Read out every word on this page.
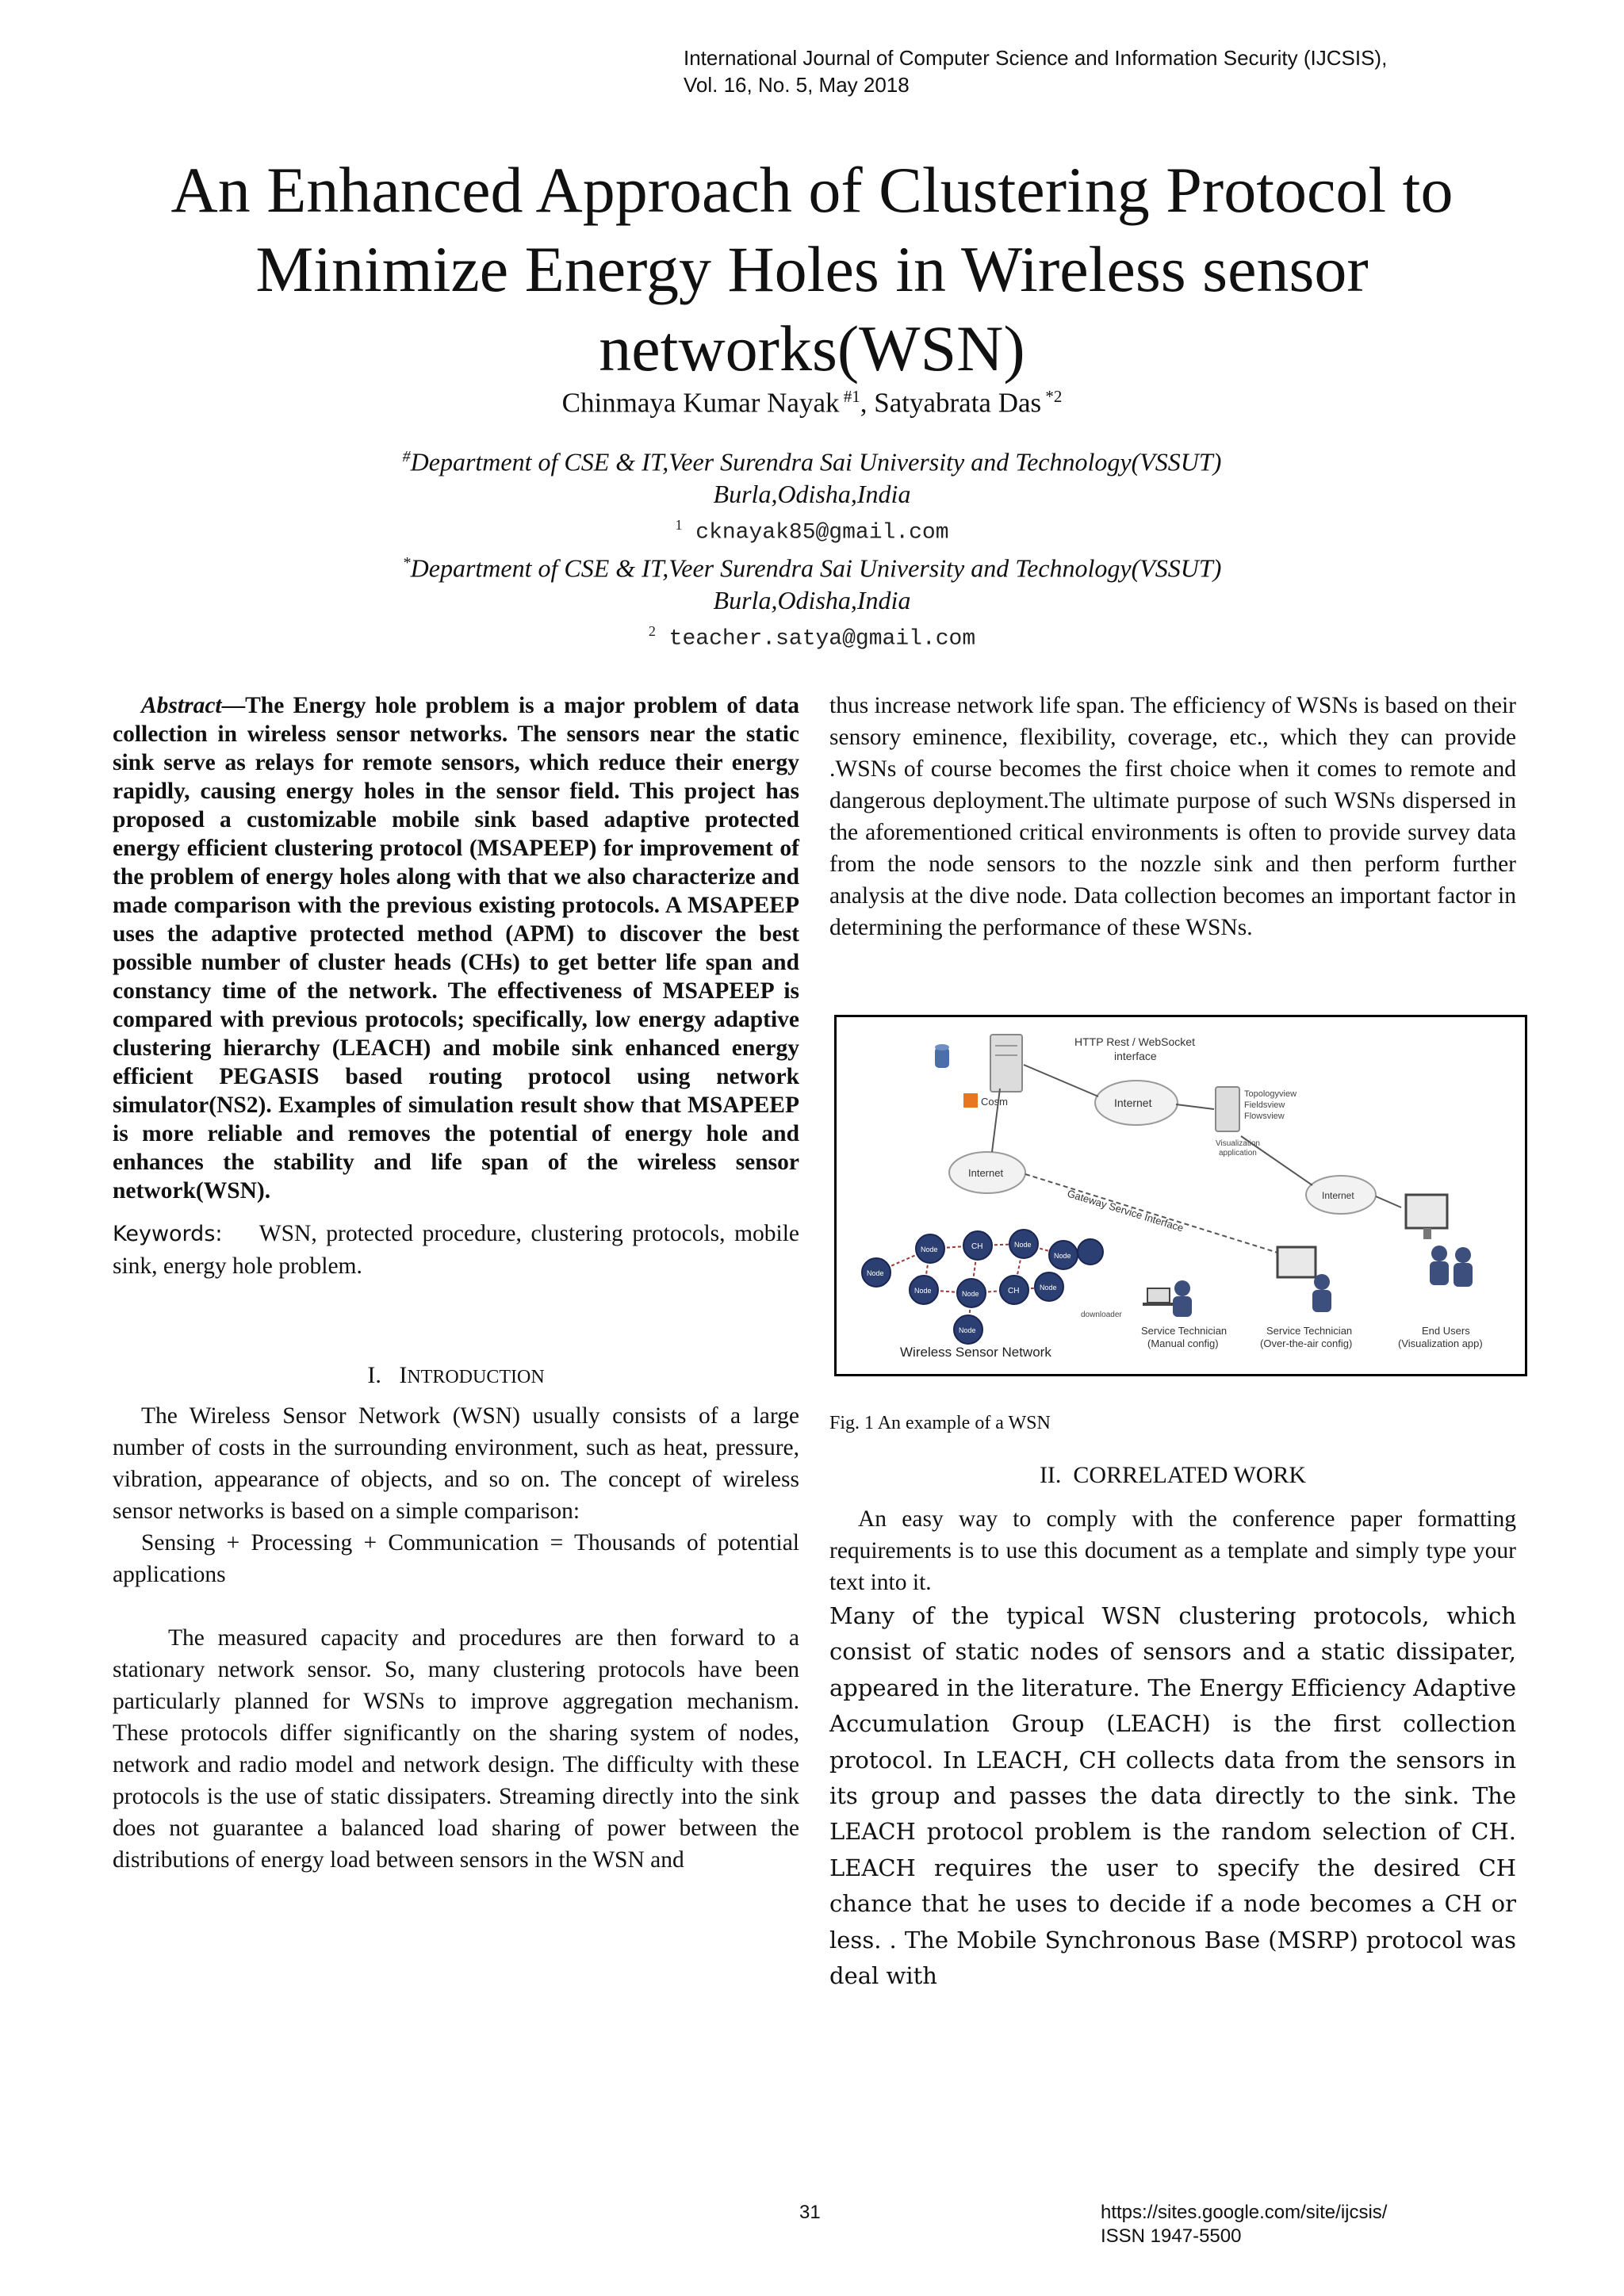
International Journal of Computer Science and Information Security (IJCSIS),
Vol. 16, No. 5, May 2018
An Enhanced Approach of Clustering Protocol to
Minimize Energy Holes in Wireless sensor
networks(WSN)
Chinmaya Kumar Nayak $^{\#1}$, Satyabrata Das $^{*2}$
#Department of CSE & IT,Veer Surendra Sai University and Technology(VSSUT)
Burla,Odisha,India
$^1$ cknayak85@gmail.com
*Department of CSE & IT,Veer Surendra Sai University and Technology(VSSUT)
Burla,Odisha,India
$^2$ teacher.satya@gmail.com

Abstract—The Energy hole problem is a major problem of data collection in wireless sensor networks. The sensors near the static sink serve as relays for remote sensors, which reduce their energy rapidly, causing energy holes in the sensor field. This project has proposed a customizable mobile sink based adaptive protected energy efficient clustering protocol (MSAPEEP) for improvement of the problem of energy holes along with that we also characterize and made comparison with the previous existing protocols. A MSAPEEP uses the adaptive protected method (APM) to discover the best possible number of cluster heads (CHs) to get better life span and constancy time of the network. The effectiveness of MSAPEEP is compared with previous protocols; specifically, low energy adaptive clustering hierarchy (LEACH) and mobile sink enhanced energy efficient PEGASIS based routing protocol using network simulator(NS2). Examples of simulation result show that MSAPEEP is more reliable and removes the potential of energy hole and enhances the stability and life span of the wireless sensor network(WSN).

Keywords: WSN, protected procedure, clustering protocols, mobile sink, energy hole problem.

I. INTRODUCTION

The Wireless Sensor Network (WSN) usually consists of a large number of costs in the surrounding environment, such as heat, pressure, vibration, appearance of objects, and so on. The concept of wireless sensor networks is based on a simple comparison:

Sensing + Processing + Communication = Thousands of potential applications

The measured capacity and procedures are then forward to a stationary network sensor. So, many clustering protocols have been particularly planned for WSNs to improve aggregation mechanism. These protocols differ significantly on the sharing system of nodes, network and radio model and network design. The difficulty with these protocols is the use of static dissipaters. Streaming directly into the sink does not guarantee a balanced load sharing of power between the distributions of energy load between sensors in the WSN and

thus increase network life span. The efficiency of WSNs is based on their sensory eminence, flexibility, coverage, etc., which they can provide .WSNs of course becomes the first choice when it comes to remote and dangerous deployment.The ultimate purpose of such WSNs dispersed in the aforementioned critical environments is often to provide survey data from the node sensors to the nozzle sink and then perform further analysis at the dive node. Data collection becomes an important factor in determining the performance of these WSNs.

Cosm
HTTP Rest / WebSocket
interface
Internet
Internet
Internet
Topologyview
Fieldsview
Flowsview
Visualization
application
Gateway Service Interface
End Users
(Visualization app)
Service Technician
(Over-the-air config)
Service Technician
(Manual config)
downloader
Node
Node	CH	Node
Node
Node	Node	CH	Node
Node
Wireless Sensor Network
Fig. 1 An example of a WSN
II. CORRELATED WORK

An easy way to comply with the conference paper formatting requirements is to use this document as a template and simply type your text into it.

Many of the typical WSN clustering protocols, which consist of static nodes of sensors and a static dissipater, appeared in the literature. The Energy Efficiency Adaptive Accumulation Group (LEACH) is the first collection protocol. In LEACH, CH collects data from the sensors in its group and passes the data directly to the sink. The LEACH protocol problem is the random selection of CH. LEACH requires the user to specify the desired CH chance that he uses to decide if a node becomes a CH or less. . The Mobile Synchronous Base (MSRP) protocol was deal with

31	https://sites.google.com/site/ijcsis/
ISSN 1947-5500
